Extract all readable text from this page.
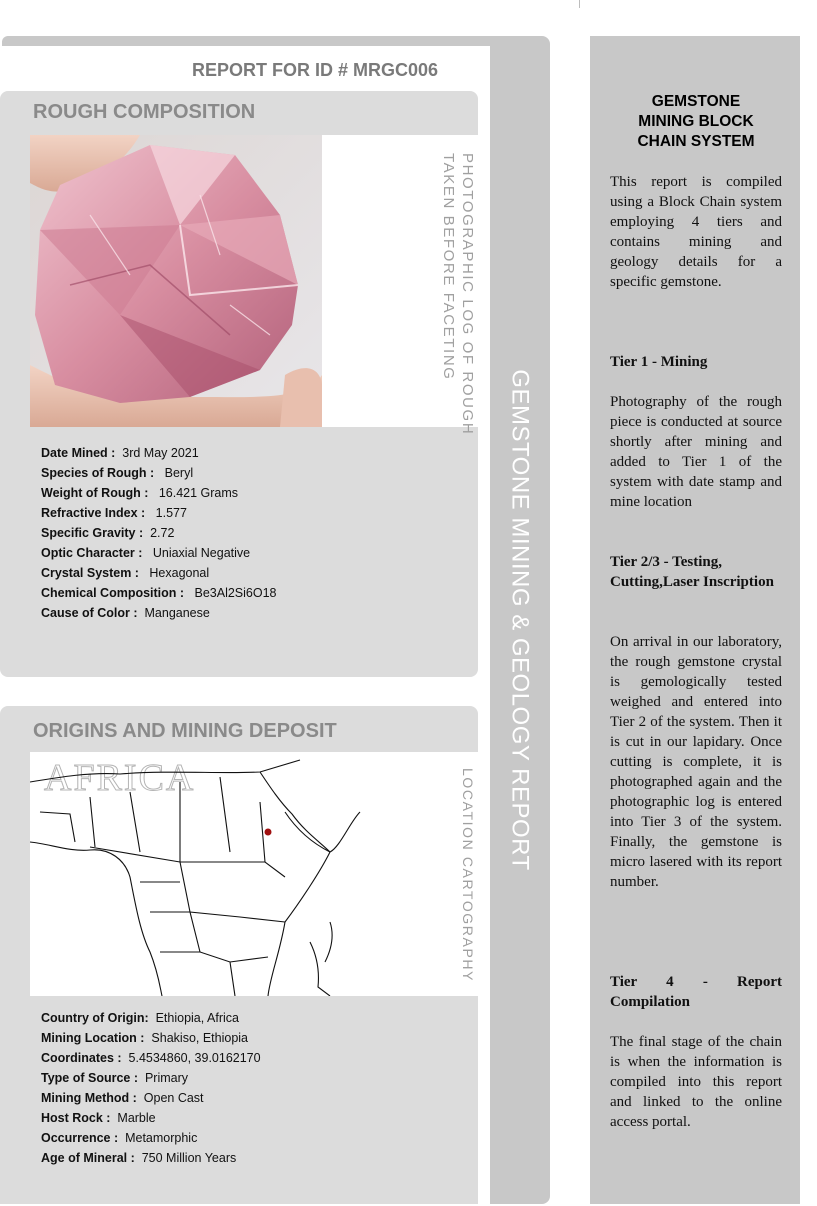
GEMSTONE MINING & GEOLOGY REPORT
REPORT FOR ID # MRGC006
ROUGH COMPOSITION
PHOTOGRAPHIC LOG OF ROUGH
TAKEN BEFORE FACETING
Date Mined : 3rd May 2021
Species of Rough : Beryl
Weight of Rough : 16.421 Grams
Refractive Index : 1.577
Specific Gravity : 2.72
Optic Character : Uniaxial Negative
Crystal System : Hexagonal
Chemical Composition : Be3Al2Si6O18
Cause of Color : Manganese
ORIGINS AND MINING DEPOSIT
AFRICA	LOCATION CARTOGRAPHY
Country of Origin: Ethiopia, Africa
Mining Location : Shakiso, Ethiopia
Coordinates : 5.4534860, 39.0162170
Type of Source : Primary
Mining Method : Open Cast
Host Rock : Marble
Occurrence : Metamorphic
Age of Mineral : 750 Million Years
GEMSTONE
MINING BLOCK
CHAIN SYSTEM
This report is compiled using a Block Chain system employing 4 tiers and contains mining and geology details for a specific gemstone.
Tier 1 - Mining
Photography of the rough piece is conducted at source shortly after mining and added to Tier 1 of the system with date stamp and mine location
Tier 2/3 - Testing, Cutting,Laser Inscription
On arrival in our laboratory, the rough gemstone crystal is gemologically tested weighed and entered into Tier 2 of the system. Then it is cut in our lapidary. Once cutting is complete, it is photographed again and the photographic log is entered into Tier 3 of the system. Finally, the gemstone is micro lasered with its report number.
Tier 4 - Report Compilation
The final stage of the chain is when the information is compiled into this report and linked to the online access portal.
